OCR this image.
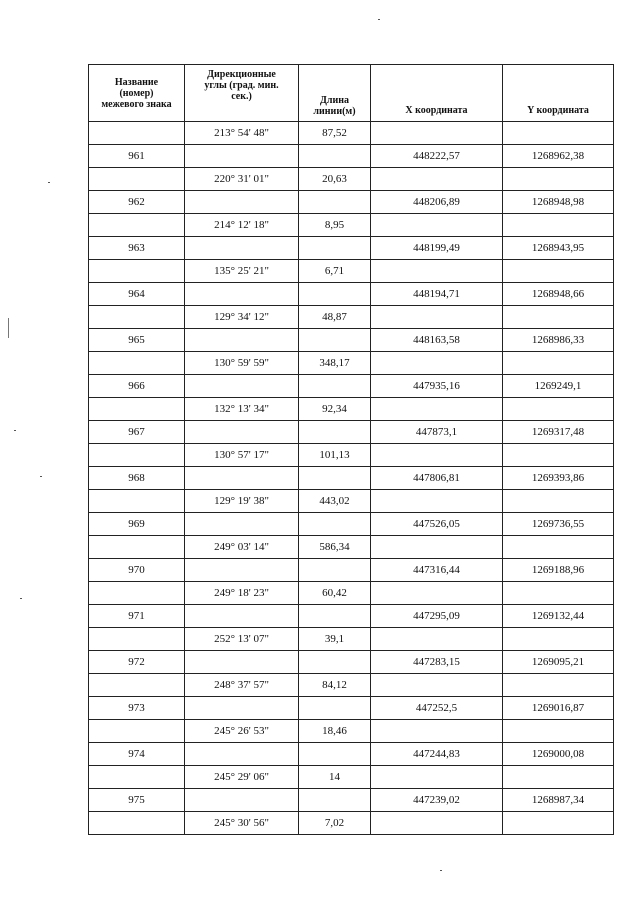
Название
(номер)
межевого знака	Дирекционные
углы (град. мин.
сек.)	Длина
линии(м)	X координата	Y координата
	213° 54' 48"	87,52		
961			448222,57	1268962,38
	220° 31' 01"	20,63		
962			448206,89	1268948,98
	214° 12' 18"	8,95		
963			448199,49	1268943,95
	135° 25' 21"	6,71		
964			448194,71	1268948,66
	129° 34' 12"	48,87		
965			448163,58	1268986,33
	130° 59' 59"	348,17		
966			447935,16	1269249,1
	132° 13' 34"	92,34		
967			447873,1	1269317,48
	130° 57' 17"	101,13		
968			447806,81	1269393,86
	129° 19' 38"	443,02		
969			447526,05	1269736,55
	249° 03' 14"	586,34		
970			447316,44	1269188,96
	249° 18' 23"	60,42		
971			447295,09	1269132,44
	252° 13' 07"	39,1		
972			447283,15	1269095,21
	248° 37' 57"	84,12		
973			447252,5	1269016,87
	245° 26' 53"	18,46		
974			447244,83	1269000,08
	245° 29' 06"	14		
975			447239,02	1268987,34
	245° 30' 56"	7,02		
